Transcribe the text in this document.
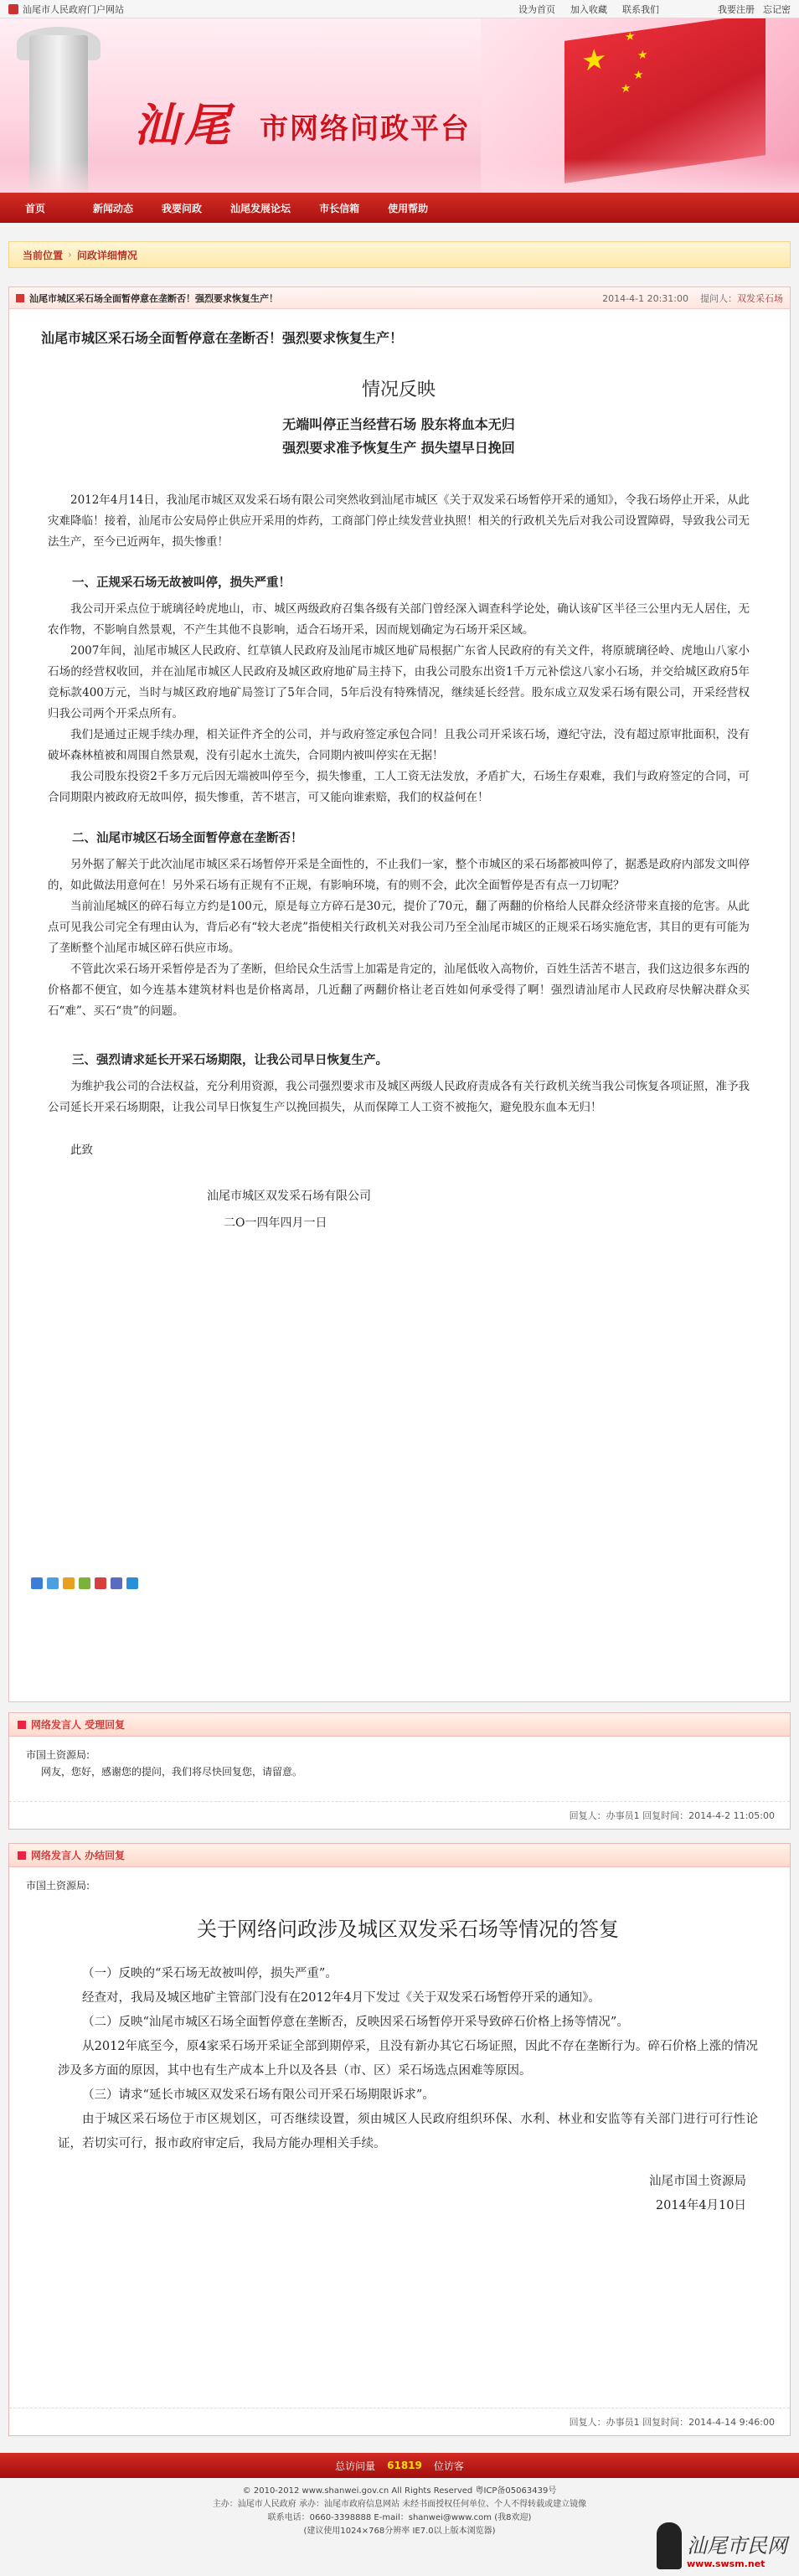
汕尾市人民政府门户网站	设为首页 加入收藏 联系我们	我要注册 忘记密
★
★
★
★
★
汕尾 市网络问政平台
首页	新闻动态	我要问政	汕尾发展论坛	市长信箱	使用帮助
当前位置 › 问政详细情况
汕尾市城区采石场全面暂停意在垄断否！强烈要求恢复生产！	2014-4-1 20:31:00 提问人：双发采石场
汕尾市城区采石场全面暂停意在垄断否！强烈要求恢复生产！
情况反映
无端叫停正当经营石场 股东将血本无归
强烈要求准予恢复生产 损失望早日挽回

2012年4月14日，我汕尾市城区双发采石场有限公司突然收到汕尾市城区《关于双发采石场暂停开采的通知》，令我石场停止开采，从此灾难降临！接着，汕尾市公安局停止供应开采用的炸药，工商部门停止续发营业执照！相关的行政机关先后对我公司设置障碍，导致我公司无法生产，至今已近两年，损失惨重！

一、正规采石场无故被叫停，损失严重！

我公司开采点位于琥璃径岭虎地山，市、城区两级政府召集各级有关部门曾经深入调查科学论处，确认该矿区半径三公里内无人居住，无农作物，不影响自然景观，不产生其他不良影响，适合石场开采，因而规划确定为石场开采区域。

2007年间，汕尾市城区人民政府、红草镇人民政府及汕尾市城区地矿局根据广东省人民政府的有关文件，将原琥璃径岭、虎地山八家小石场的经营权收回，并在汕尾市城区人民政府及城区政府地矿局主持下，由我公司股东出资1千万元补偿这八家小石场，并交给城区政府5年竞标款400万元，当时与城区政府地矿局签订了5年合同，5年后没有特殊情况，继续延长经营。股东成立双发采石场有限公司，开采经营权归我公司两个开采点所有。

我们是通过正规手续办理，相关证件齐全的公司，并与政府签定承包合同！且我公司开采该石场，遵纪守法，没有超过原审批面积，没有破坏森林植被和周围自然景观，没有引起水土流失，合同期内被叫停实在无据！

我公司股东投资2千多万元后因无端被叫停至今，损失惨重，工人工资无法发放，矛盾扩大，石场生存艰难，我们与政府签定的合同，可合同期限内被政府无故叫停，损失惨重，苦不堪言，可又能向谁索赔，我们的权益何在！

二、汕尾市城区石场全面暂停意在垄断否！

另外据了解关于此次汕尾市城区采石场暂停开采是全面性的，不止我们一家，整个市城区的采石场都被叫停了，据悉是政府内部发文叫停的，如此做法用意何在！另外采石场有正规有不正规，有影响环境，有的则不会，此次全面暂停是否有点一刀切呢？

当前汕尾城区的碎石每立方约是100元，原是每立方碎石是30元，提价了70元，翻了两翻的价格给人民群众经济带来直接的危害。从此点可见我公司完全有理由认为，背后必有“较大老虎”指使相关行政机关对我公司乃至全汕尾市城区的正规采石场实施危害，其目的更有可能为了垄断整个汕尾市城区碎石供应市场。

不管此次采石场开采暂停是否为了垄断，但给民众生活雪上加霜是肯定的，汕尾低收入高物价，百姓生活苦不堪言，我们这边很多东西的价格都不便宜，如今连基本建筑材料也是价格离昂，几近翻了两翻价格让老百姓如何承受得了啊！强烈请汕尾市人民政府尽快解决群众买石“难”、买石“贵”的问题。

三、强烈请求延长开采石场期限，让我公司早日恢复生产。

为维护我公司的合法权益，充分利用资源，我公司强烈要求市及城区两级人民政府责成各有关行政机关统当我公司恢复各项证照，准予我公司延长开采石场期限，让我公司早日恢复生产以挽回损失，从而保障工人工资不被拖欠，避免股东血本无归！

此致

汕尾市城区双发采石场有限公司
二O一四年四月一日
网络发言人 受理回复
市国土资源局:
网友，您好，感谢您的提问，我们将尽快回复您，请留意。
回复人：办事员1 回复时间：2014-4-2 11:05:00
网络发言人 办结回复
市国土资源局:
关于网络问政涉及城区双发采石场等情况的答复

（一）反映的“采石场无故被叫停，损失严重”。

经查对，我局及城区地矿主管部门没有在2012年4月下发过《关于双发采石场暂停开采的通知》。

（二）反映“汕尾市城区石场全面暂停意在垄断否，反映因采石场暂停开采导致碎石价格上扬等情况”。

从2012年底至今，原4家采石场开采证全部到期停采，且没有新办其它石场证照，因此不存在垄断行为。碎石价格上涨的情况涉及多方面的原因，其中也有生产成本上升以及各县（市、区）采石场选点困难等原因。

（三）请求“延长市城区双发采石场有限公司开采石场期限诉求”。

由于城区采石场位于市区规划区，可否继续设置，须由城区人民政府组织环保、水利、林业和安监等有关部门进行可行性论证，若切实可行，报市政府审定后，我局方能办理相关手续。

汕尾市国土资源局
2014年4月10日
回复人：办事员1 回复时间：2014-4-14 9:46:00
总访问量 61819 位访客
© 2010-2012 www.shanwei.gov.cn All Rights Reserved 粤ICP备05063439号
主办：汕尾市人民政府 承办：汕尾市政府信息网站 未经书面授权任何单位、个人不得转载或建立镜像
联系电话：0660-3398888 E-mail：shanwei@www.com (我8欢迎)
(建议使用1024×768分辨率 IE7.0以上版本浏览器)
汕尾市民网
www.swsm.net
